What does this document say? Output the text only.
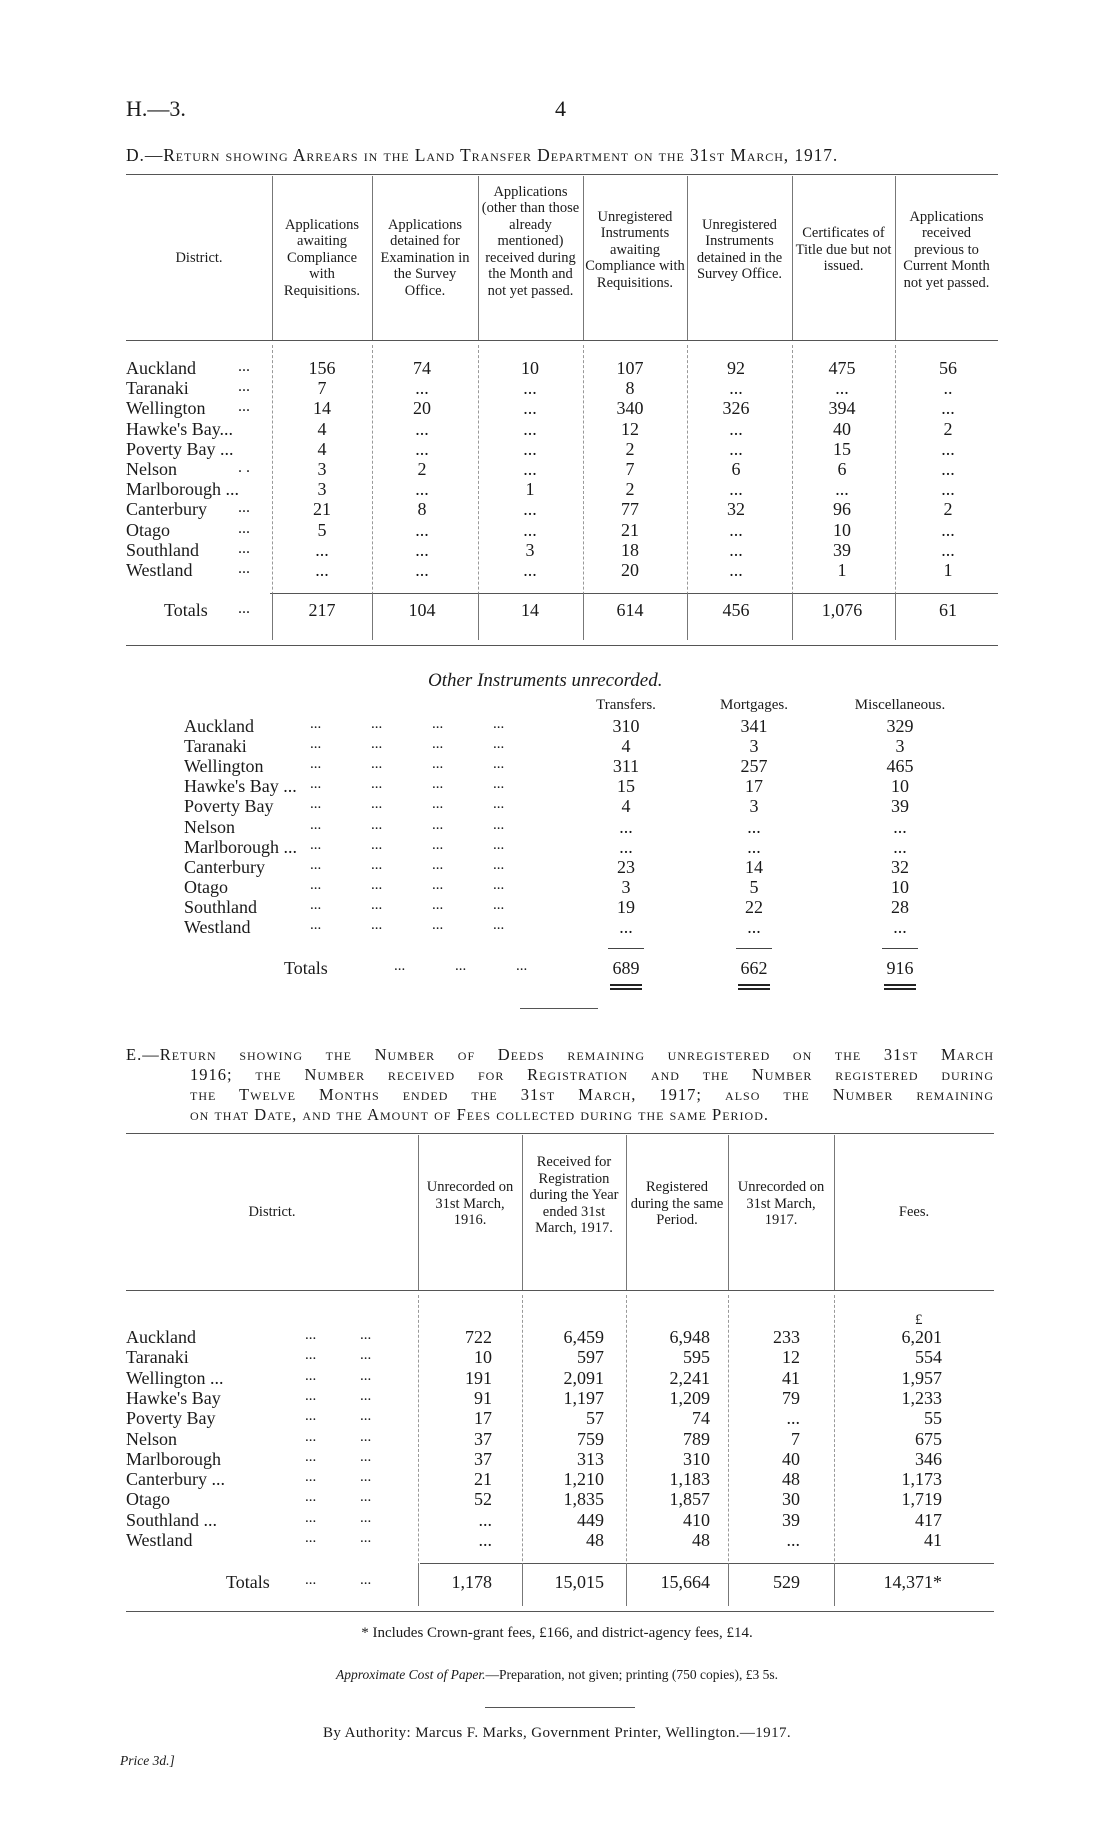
H.—3.	4
D.—Return showing Arrears in the Land Transfer Department on the 31st March, 1917.
District.
Applications awaiting Compliance with Requisitions.
Applications detained for Examination in the Survey Office.
Applications (other than those already mentioned) received during the Month and not yet passed.
Unregistered Instruments awaiting Compliance with Requisitions.
Unregistered Instruments detained in the Survey Office.
Certificates of Title due but not issued.
Applications received previous to Current Month not yet passed.
Auckland	...	156	74	10	107	92	475	56
Taranaki	...	7	...	...	8	...	...	..
Wellington ...	14	20	...	340	326	394	...
Hawke's Bay...	4	...	...	12	...	40	2
Poverty Bay ...	4	...	...	2	...	15	...
Nelson	. .	3	2	...	7	6	6	...
Marlborough ...	3	...	1	2	...	...	...
Canterbury ...	21	8	...	77	32	96	2
Otago	...	5	...	...	21	...	10	...
Southland ...	...	...	3	18	...	39	...
Westland	...	...	...	...	20	...	1	1
Totals ...	217	104	14	614	456	1,076	61
Other Instruments unrecorded.
Transfers.	Mortgages.	Miscellaneous.
Auckland	... ... ... ...	310	341	329
Taranaki	... ... ... ...	4	3	3
Wellington	... ... ... ...	311	257	465
Hawke's Bay ... ... ... ... ...	15	17	10
Poverty Bay ... ... ... ...	4	3	39
Nelson	... ... ... ...	...	...	...
Marlborough ... ... ... ... ...	...	...	...
Canterbury	... ... ... ...	23	14	32
Otago	... ... ... ...	3	5	10
Southland	... ... ... ...	19	22	28
Westland	... ... ... ...	...	...	...
Totals	... ... ...	689	662	916
E.—Return showing the Number of Deeds remaining unregistered on the 31st March
1916; the Number received for Registration and the Number registered during
the Twelve Months ended the 31st March, 1917; also the Number remaining
on that Date, and the Amount of Fees collected during the same Period.
District.
Unrecorded on 31st March, 1916.
Received for Registration during the Year ended 31st March, 1917.
Registered during the same Period.
Unrecorded on 31st March, 1917.
Fees.
£
Auckland	... ...	722	6,459	6,948	233	6,201
Taranaki	... ...	10	597	595	12	554
Wellington ...	... ...	191	2,091	2,241	41	1,957
Hawke's Bay	... ...	91	1,197	1,209	79	1,233
Poverty Bay	... ...	17	57	74	...	55
Nelson	... ...	37	759	789	7	675
Marlborough	... ...	37	313	310	40	346
Canterbury ...	... ...	21	1,210	1,183	48	1,173
Otago	... ...	52	1,835	1,857	30	1,719
Southland ...	... ...	...	449	410	39	417
Westland	... ...	...	48	48	...	41
Totals ... ...	1,178	15,015	15,664	529	14,371*
* Includes Crown-grant fees, £166, and district-agency fees, £14.
Approximate Cost of Paper.—Preparation, not given; printing (750 copies), £3 5s.
By Authority: Marcus F. Marks, Government Printer, Wellington.—1917.
Price 3d.]
